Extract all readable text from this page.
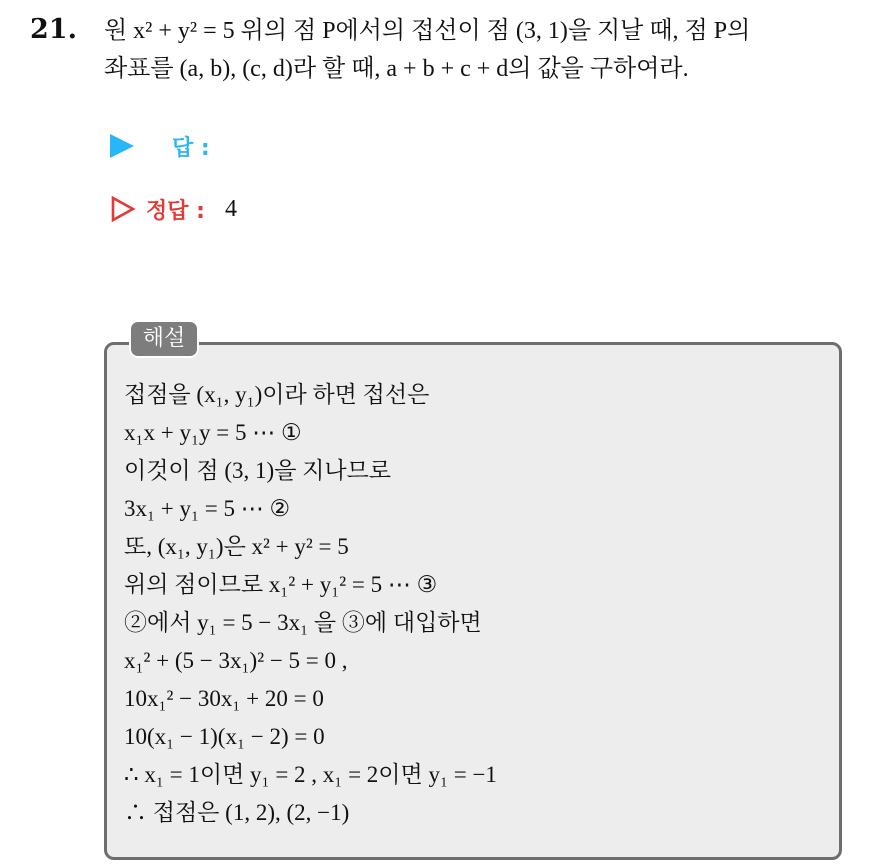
21. 원 x² + y² = 5 위의 점 P에서의 접선이 점 (3, 1)을 지날 때, 점 P의
좌표를 (a, b), (c, d)라 할 때, a + b + c + d의 값을 구하여라.
답 :
정답 : 4
해설
접점을 (x₁, y₁)이라 하면 접선은
x₁x + y₁y = 5 ⋯ ①
이것이 점 (3, 1)을 지나므로
3x₁ + y₁ = 5 ⋯ ②
또, (x₁, y₁)은 x² + y² = 5
위의 점이므로 x₁² + y₁² = 5 ⋯ ③
②에서 y₁ = 5 − 3x₁ 을 ③에 대입하면
x₁² + (5 − 3x₁)² − 5 = 0 ,
10x₁² − 30x₁ + 20 = 0
10(x₁ − 1)(x₁ − 2) = 0
∴ x₁ = 1이면 y₁ = 2 , x₁ = 2이면 y₁ = −1
∴ 접점은 (1, 2), (2, −1)
